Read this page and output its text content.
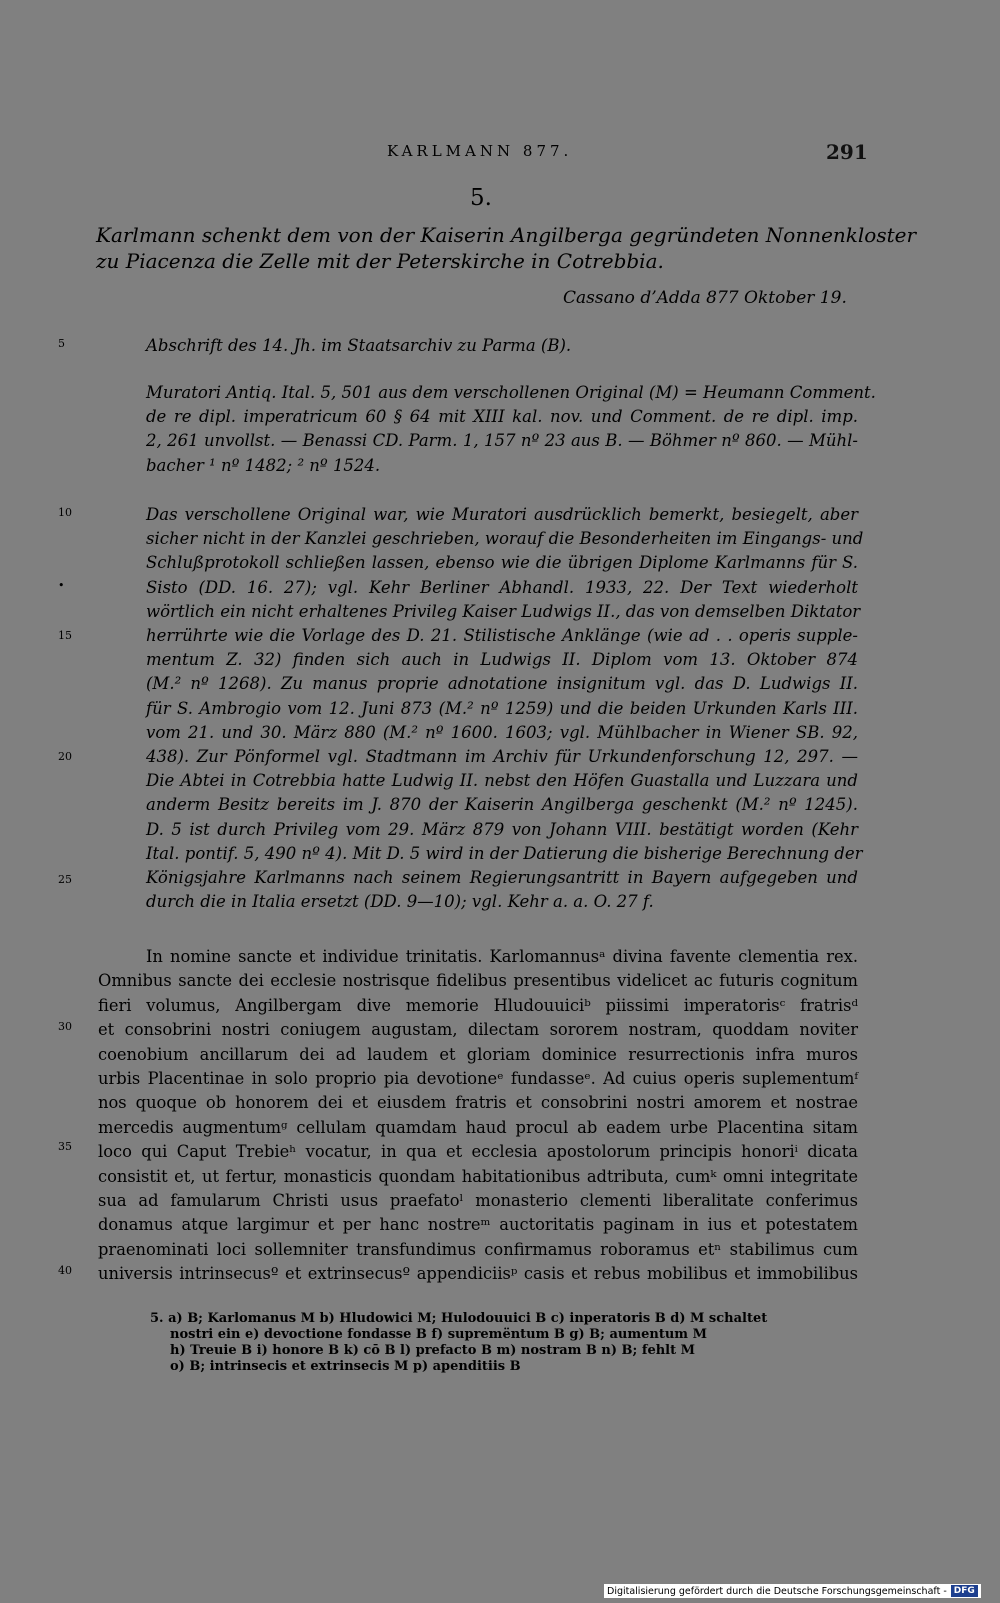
KARLMANN 877.	291
5.
Karlmann schenkt dem von der Kaiserin Angilberga gegründeten Nonnenkloster
zu Piacenza die Zelle mit der Peterskirche in Cotrebbia.
Cassano d’Adda 877 Oktober 19.
5
10
•
15
20
25
30
35
40
Abschrift des 14. Jh. im Staatsarchiv zu Parma (B).
Muratori Antiq. Ital. 5, 501 aus dem verschollenen Original (M) = Heumann Comment.
de re dipl. imperatricum 60 § 64 mit XIII kal. nov. und Comment. de re dipl. imp.
2, 261 unvollst. — Benassi CD. Parm. 1, 157 nº 23 aus B. — Böhmer nº 860. — Mühl-
bacher ¹ nº 1482; ² nº 1524.
Das verschollene Original war, wie Muratori ausdrücklich bemerkt, besiegelt, aber
sicher nicht in der Kanzlei geschrieben, worauf die Besonderheiten im Eingangs- und
Schlußprotokoll schließen lassen, ebenso wie die übrigen Diplome Karlmanns für S.
Sisto (DD. 16. 27); vgl. Kehr Berliner Abhandl. 1933, 22. Der Text wiederholt
wörtlich ein nicht erhaltenes Privileg Kaiser Ludwigs II., das von demselben Diktator
herrührte wie die Vorlage des D. 21. Stilistische Anklänge (wie ad . . operis supple-
mentum Z. 32) finden sich auch in Ludwigs II. Diplom vom 13. Oktober 874
(M.² nº 1268). Zu manus proprie adnotatione insignitum vgl. das D. Ludwigs II.
für S. Ambrogio vom 12. Juni 873 (M.² nº 1259) und die beiden Urkunden Karls III.
vom 21. und 30. März 880 (M.² nº 1600. 1603; vgl. Mühlbacher in Wiener SB. 92,
438). Zur Pönformel vgl. Stadtmann im Archiv für Urkundenforschung 12, 297. —
Die Abtei in Cotrebbia hatte Ludwig II. nebst den Höfen Guastalla und Luzzara und
anderm Besitz bereits im J. 870 der Kaiserin Angilberga geschenkt (M.² nº 1245).
D. 5 ist durch Privileg vom 29. März 879 von Johann VIII. bestätigt worden (Kehr
Ital. pontif. 5, 490 nº 4). Mit D. 5 wird in der Datierung die bisherige Berechnung der
Königsjahre Karlmanns nach seinem Regierungsantritt in Bayern aufgegeben und
durch die in Italia ersetzt (DD. 9—10); vgl. Kehr a. a. O. 27 f.
In nomine sancte et individue trinitatis. Karlomannusᵃ divina favente clementia rex.
Omnibus sancte dei ecclesie nostrisque fidelibus presentibus videlicet ac futuris cognitum
fieri volumus, Angilbergam dive memorie Hludouuiciᵇ piissimi imperatorisᶜ fratrisᵈ
et consobrini nostri coniugem augustam, dilectam sororem nostram, quoddam noviter
coenobium ancillarum dei ad laudem et gloriam dominice resurrectionis infra muros
urbis Placentinae in solo proprio pia devotioneᵉ fundasseᵉ. Ad cuius operis suplementumᶠ
nos quoque ob honorem dei et eiusdem fratris et consobrini nostri amorem et nostrae
mercedis augmentumᵍ cellulam quamdam haud procul ab eadem urbe Placentina sitam
loco qui Caput Trebieʰ vocatur, in qua et ecclesia apostolorum principis honoriⁱ dicata
consistit et, ut fertur, monasticis quondam habitationibus adtributa, cumᵏ omni integritate
sua ad famularum Christi usus praefatoˡ monasterio clementi liberalitate conferimus
donamus atque largimur et per hanc nostreᵐ auctoritatis paginam in ius et potestatem
praenominati loci sollemniter transfundimus confirmamus roboramus etⁿ stabilimus cum
universis intrinsecusº et extrinsecusº appendiciisᵖ casis et rebus mobilibus et immobilibus
5. a) B; Karlomanus M b) Hludowici M; Hulodouuici B c) inperatoris B d) M schaltet
nostri ein e) devoctione fondasse B f) supremëntum B g) B; aumentum M
h) Treuie B i) honore B k) cō B l) prefacto B m) nostram B n) B; fehlt M
o) B; intrinsecis et extrinsecis M p) apenditiis B
Digitalisierung gefördert durch die Deutsche Forschungsgemeinschaft - DFG
